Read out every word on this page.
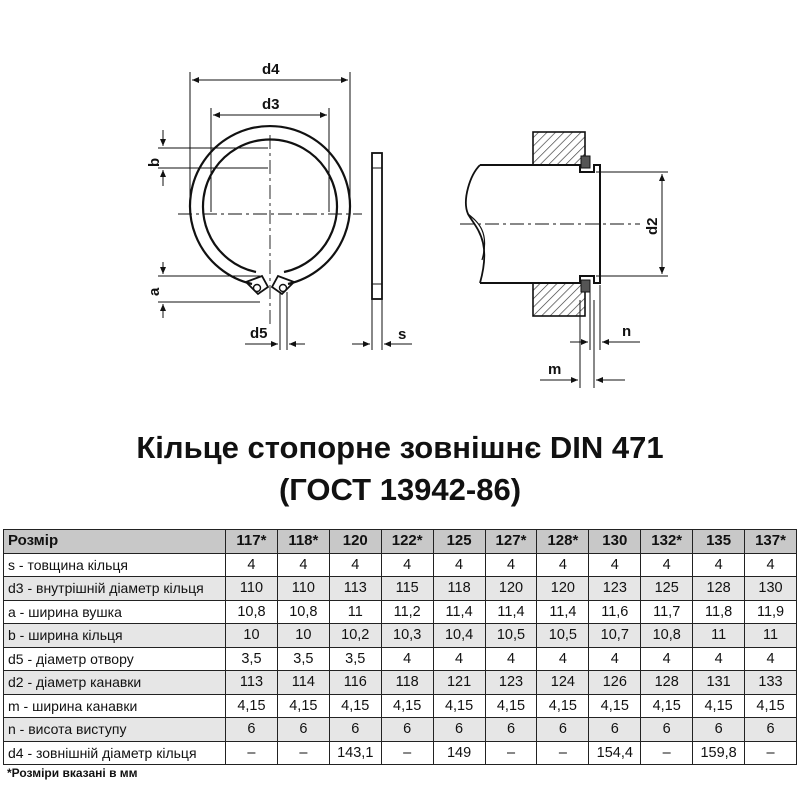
d4
d3
b
a
d5	s
d2
m
n
Кільце стопорне зовнішнє DIN 471
(ГОСТ 13942-86)
Розмір	117*	118*	120	122*	125	127*	128*	130	132*	135	137*
s - товщина кільця	4	4	4	4	4	4	4	4	4	4	4
d3 - внутрішній діаметр кільця	110	110	113	115	118	120	120	123	125	128	130
a - ширина вушка	10,8	10,8	11	11,2	11,4	11,4	11,4	11,6	11,7	11,8	11,9
b - ширина кільця	10	10	10,2	10,3	10,4	10,5	10,5	10,7	10,8	11	11
d5 - діаметр отвору	3,5	3,5	3,5	4	4	4	4	4	4	4	4
d2 - діаметр канавки	113	114	116	118	121	123	124	126	128	131	133
m - ширина канавки	4,15	4,15	4,15	4,15	4,15	4,15	4,15	4,15	4,15	4,15	4,15
n - висота виступу	6	6	6	6	6	6	6	6	6	6	6
d4 - зовнішній діаметр кільця	–	–	143,1	–	149	–	–	154,4	–	159,8	–
*Розміри вказані в мм
